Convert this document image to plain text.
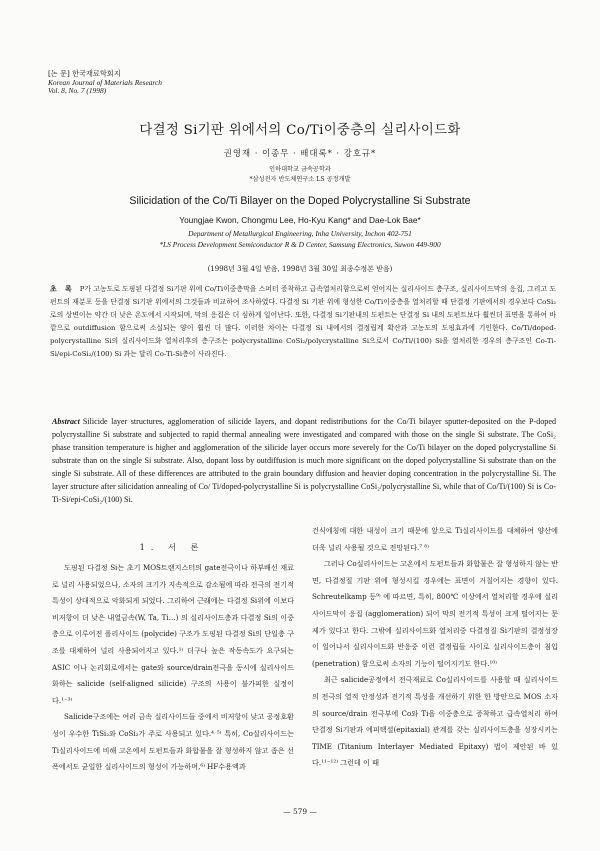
[논 문] 한국재료학회지
Korean Journal of Materials Research
Vol. 8, No. 7 (1998)
다결정 Si기판 위에서의 Co/Ti이중층의 실리사이드화
권영재 · 이종무 · 배대록* · 강호규*
인하대학교 금속공학과
*삼성전자 반도체연구소 LS 공정개발
Silicidation of the Co/Ti Bilayer on the Doped Polycrystalline Si Substrate
Youngjae Kwon, Chongmu Lee, Ho-Kyu Kang* and Dae-Lok Bae*
Department of Metallurgical Engineering, Inha University, Inchon 402-751
*LS Process Development Semiconductor R & D Center, Samsung Electronics, Suwon 449-900
(1998년 3월 4일 받음, 1998년 3월 30일 최종수정본 받음)
초 록 P가 고농도로 도핑된 다결정 Si기판 위에 Co/Ti이중층막을 스퍼터 증착하고 급속열처리함으로써 얻어지는 실리사이드 층구조, 실리사이드막의 응집, 그리고 도펀트의 재분포 등을 단결정 Si기판 위에서의 그것들과 비교하여 조사하였다. 다결정 Si 기판 위에 형성한 Co/Ti이중층을 열처리할 때 단결정 기판에서의 경우보다 CoSi₂로의 상변이는 약간 더 낮은 온도에서 시작되며, 막의 응집은 더 심하게 일어난다. 또한, 다결정 Si기판내의 도펀트는 단결정 Si 내의 도펀트보다 훨씬더 표면을 통하여 바깥으로 outdiffusion 함으로써 소실되는 양이 훨씬 더 많다. 이러한 차이는 다결정 Si 내에서의 결정립계 확산과 고농도의 도핑효과에 기인한다. Co/Ti/doped-polycrystalline Si의 실리사이드화 열처리후의 층구조는 polycrystalline CoSi₂/polycrystalline Si으로서 Co/Ti/(100) Si을 열처리한 경우의 층구조인 Co-Ti-Si/epi-CoSi₂/(100) Si 과는 달리 Co-Ti-Si층이 사라진다.
Abstract Silicide layer structures, agglomeration of silicide layers, and dopant redistributions for the Co/Ti bilayer sputter-deposited on the P-doped polycrystalline Si substrate and subjected to rapid thermal annealing were investigated and compared with those on the single Si substrate. The CoSi₂ phase transition temperature is higher and agglomeration of the silicide layer occurs more severely for the Co/Ti bilayer on the doped polycrystalline Si substrate than on the single Si substrate. Also, dopant loss by outdiffusion is much more significant on the doped polycrystalline Si substrate than on the single Si substrate. All of these differences are attributed to the grain boundary diffusion and heavier doping concentration in the polycrystalline Si. The layer structure after silicidation annealing of Co/ Ti/doped-polycrystalline Si is polycrystalline CoSi₂/polycrystalline Si, while that of Co/Ti/(100) Si is Co-Ti-Si/epi-CoSi₂/(100) Si.
1. 서 론

도핑된 다결정 Si는 초기 MOS트랜지스터의 gate전극이나 하부배선 재료로 널리 사용되었으나, 소자의 크기가 지속적으로 감소됨에 따라 전극의 전기적 특성이 상대적으로 악화되게 되었다. 그리하여 근래에는 다결정 Si위에 이보다 비저항이 더 낮은 내열금속(W, Ta, Ti…) 의 실리사이드층과 다결정 Si의 이중층으로 이루어진 폴리사이드 (polycide) 구조가 도핑된 다결정 Si의 단일층 구조를 대체하여 널리 사용되어지고 있다.¹⁾ 더구나 높은 작동속도가 요구되는 ASIC 이나 논리회로에서는 gate와 source/drain전극을 동시에 실리사이드화하는 salicide (self-aligned silicide) 구조의 사용이 불가피한 실정이다.¹⁻³⁾

Salicide구조에는 여러 금속 실리사이드들 중에서 비저항이 낮고 공정호환성이 우수한 TiSi₂와 CoSi₂가 주로 사용되고 있다.⁴ ⁵⁾ 특히, Co실리사이드는 Ti실리사이드에 비해 고온에서 도펀트들과 화합물을 잘 형성하지 않고 좁은 선폭에서도 균일한 실리사이드의 형성이 가능하며,⁶⁾ HF수용액과

건식에칭에 대한 내성이 크기 때문에 앞으로 Ti실리사이드를 대체하여 양산에 더욱 널리 사용될 것으로 전망된다.⁷ ⁸⁾

그러나 Co실리사이드는 고온에서 도펀트들과 화합물은 잘 형성하지 않는 반면, 다결정질 기판 위에 형성시킬 경우에는 표면이 거칠어지는 경향이 있다. Schreutelkamp 등⁹⁾ 에 따르면, 특히, 800℃ 이상에서 열처리할 경우에 실리사이드막이 응집 (agglomeration) 되어 막의 전기적 특성이 크게 떨어지는 문제가 있다고 한다. 그밖에 실리사이드화 열처리중 다결정질 Si기판의 결정성장이 일어나서 실리사이드화 반응중 이런 결정립들 사이로 실리사이드층이 침입 (penetration) 함으로써 소자의 기능이 떨어지기도 한다.¹⁰⁾

최근 salicide공정에서 전극재료로 Co실리사이드를 사용할 때 실리사이드의 전극의 열적 안정성과 전기적 특성을 개선하기 위한 한 방안으로 MOS 소자의 source/drain 전극부에 Co와 Ti을 이중층으로 증착하고 급속열처리 하여 단결정 Si기판과 에피택셜(epitaxial) 관계를 갖는 실리사이드층을 성장시키는 TIME (Titanium Interlayer Mediated Epitaxy) 법이 제안된 바 있다.¹¹⁻¹²⁾ 그런데 이 때

— 579 —
